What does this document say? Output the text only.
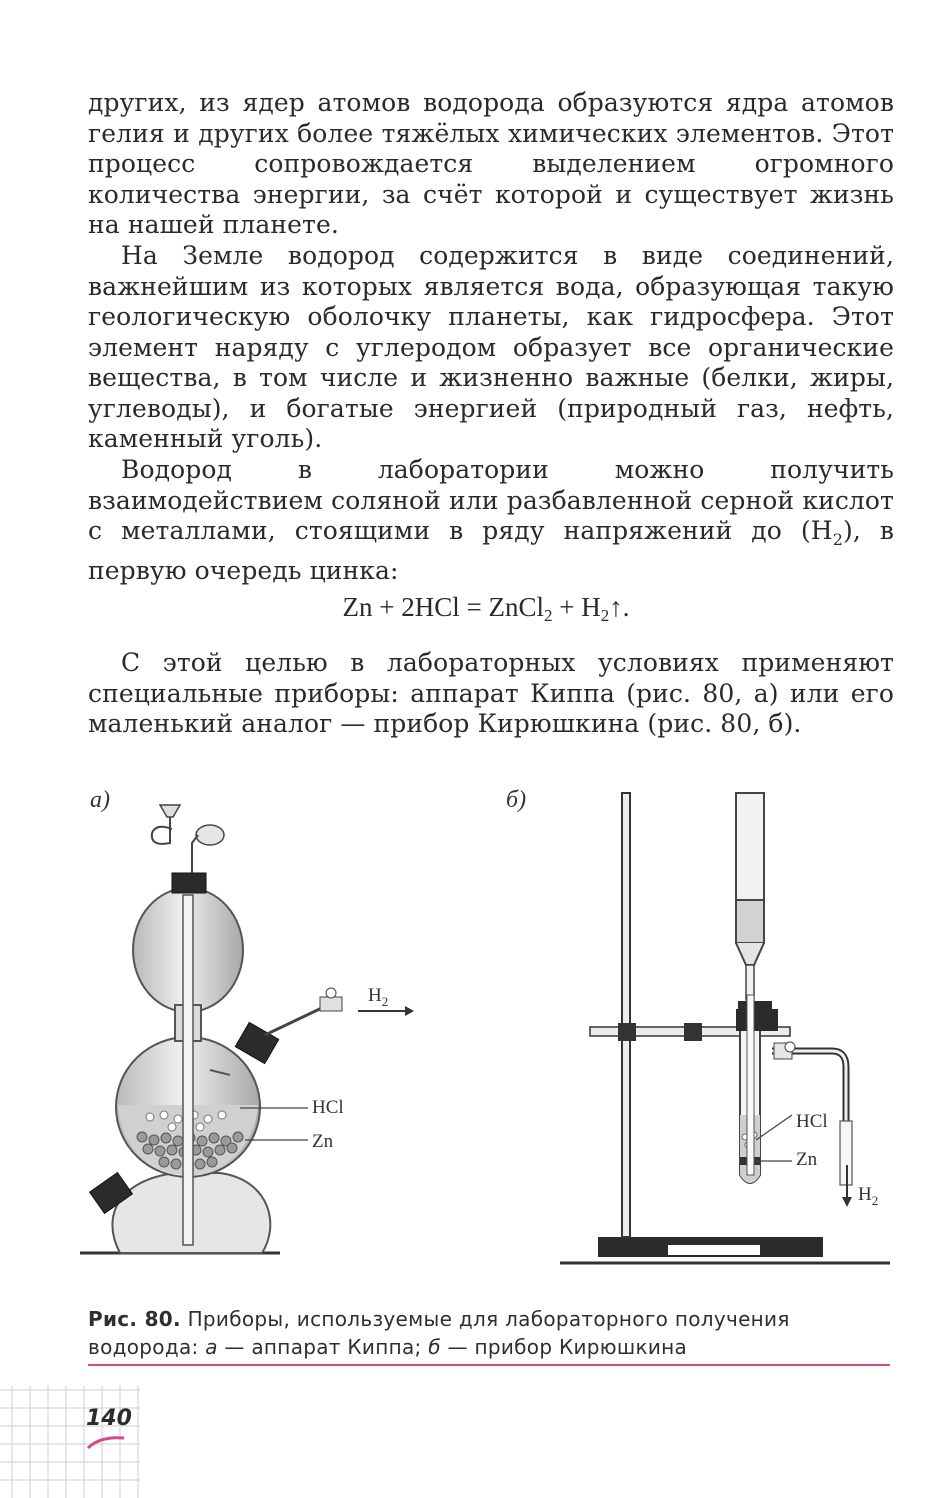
других, из ядер атомов водорода образуются ядра атомов гелия и других более тяжёлых химических элементов. Этот процесс сопровождается выделением огромного количества энергии, за счёт которой и существует жизнь на нашей планете.

На Земле водород содержится в виде соединений, важнейшим из которых является вода, образующая такую геологическую оболочку планеты, как гидросфера. Этот элемент наряду с углеродом образует все органические вещества, в том числе и жизненно важные (белки, жиры, углеводы), и богатые энергией (природный газ, нефть, каменный уголь).

Водород в лаборатории можно получить взаимодействием соляной или разбавленной серной кислот с металлами, стоящими в ряду напряжений до $(H_2)$, в первую очередь цинка:

Zn + 2HCl = ZnCl$_2$ + $H_2↑$.

С этой целью в лабораторных условиях применяют специальные приборы: аппарат Киппа (рис. 80, а) или его маленький аналог — прибор Кирюшкина (рис. 80, б).

а)	б)
$H_2$
HCl
Zn
$H_2$
HCl
Zn
Рис. 80. Приборы, используемые для лабораторного получения водорода: а — аппарат Киппа; б — прибор Кирюшкина
140
